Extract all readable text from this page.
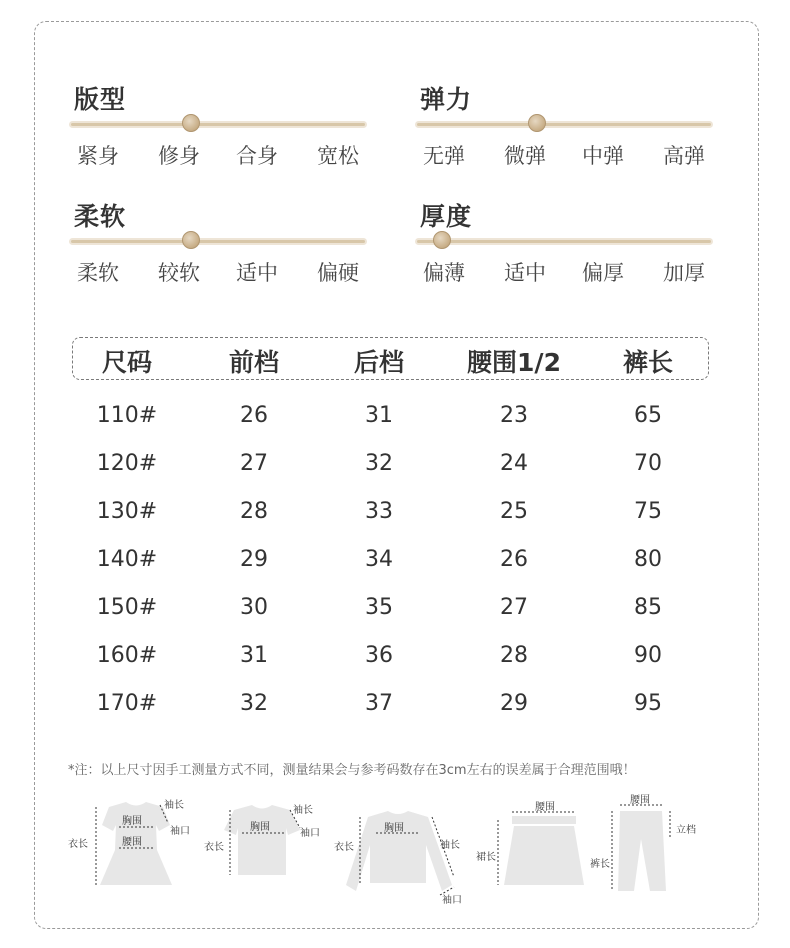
版型
紧身 修身 合身 宽松
弹力
无弹 微弹 中弹 高弹
柔软
柔软 较软 适中 偏硬
厚度
偏薄 适中 偏厚 加厚
尺码	前档	后档	腰围1/2 裤长
110#	26	31	23	65
120#	27	32	24	70
130#	28	33	25	75
140#	29	34	26	80
150#	30	35	27	85
160#	31	36	28	90
170#	32	37	29	95
*注：以上尺寸因手工测量方式不同，测量结果会与参考码数存在3cm左右的误差属于合理范围哦！
衣长
胸围
腰围
袖长
袖口
衣长
胸围
袖长
袖口
衣长
胸围
袖长
袖口
腰围
裙长
腰围
裤长
立档
